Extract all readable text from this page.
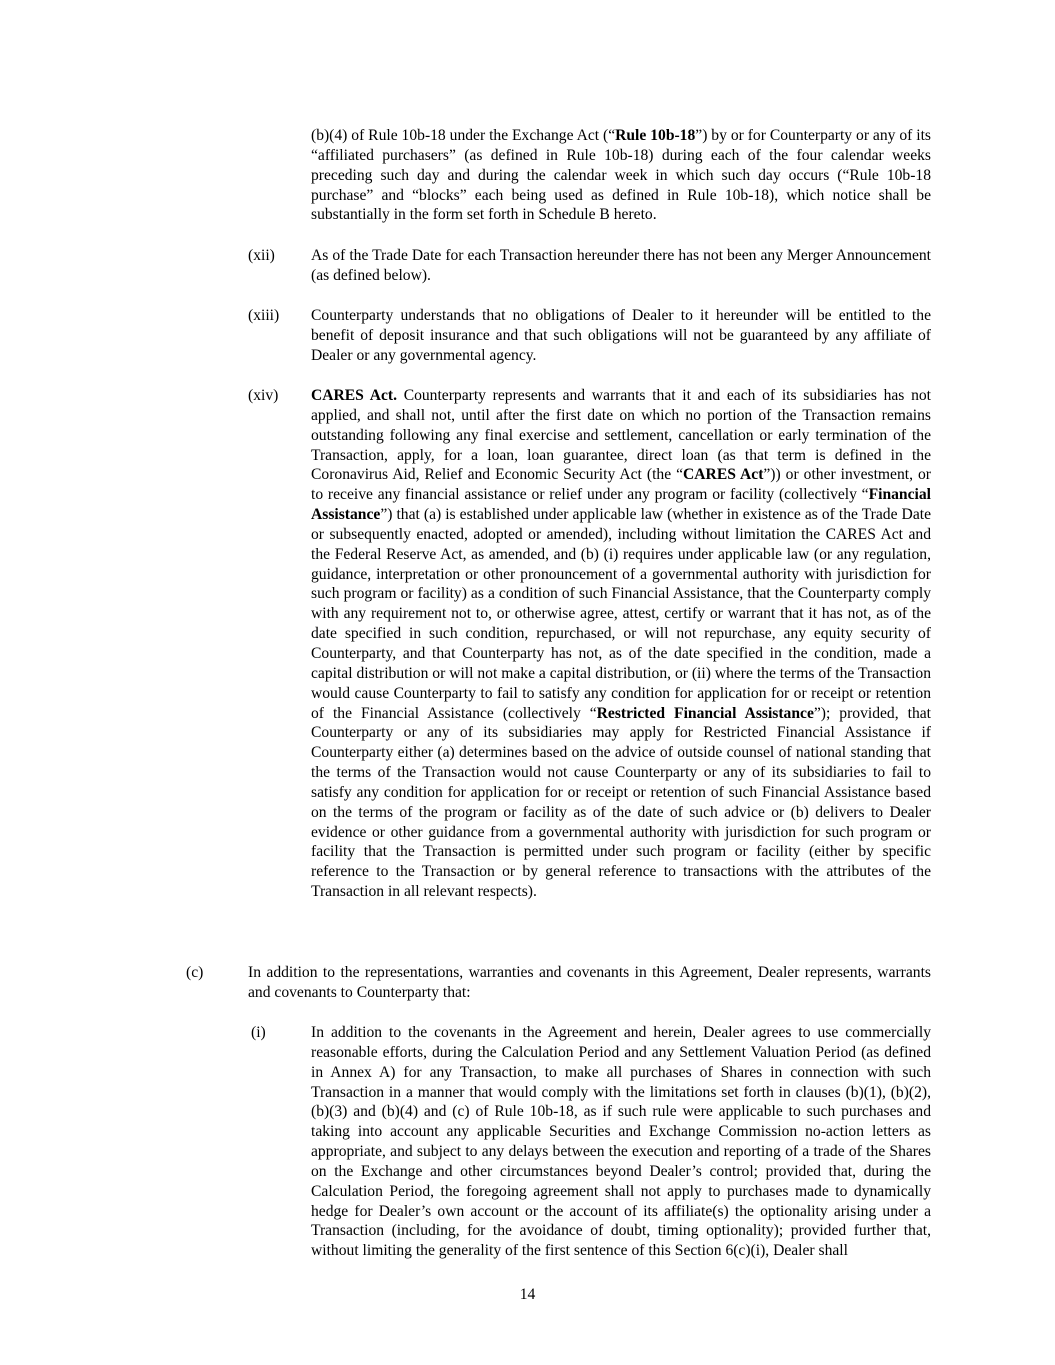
(b)(4) of Rule 10b-18 under the Exchange Act (“Rule 10b-18”) by or for Counterparty or any of its “affiliated purchasers” (as defined in Rule 10b-18) during each of the four calendar weeks preceding such day and during the calendar week in which such day occurs (“Rule 10b-18 purchase” and “blocks” each being used as defined in Rule 10b-18), which notice shall be substantially in the form set forth in Schedule B hereto.
(xii) As of the Trade Date for each Transaction hereunder there has not been any Merger Announcement (as defined below).
(xiii) Counterparty understands that no obligations of Dealer to it hereunder will be entitled to the benefit of deposit insurance and that such obligations will not be guaranteed by any affiliate of Dealer or any governmental agency.
(xiv) CARES Act. Counterparty represents and warrants that it and each of its subsidiaries has not applied, and shall not, until after the first date on which no portion of the Transaction remains outstanding following any final exercise and settlement, cancellation or early termination of the Transaction, apply, for a loan, loan guarantee, direct loan (as that term is defined in the Coronavirus Aid, Relief and Economic Security Act (the “CARES Act”)) or other investment, or to receive any financial assistance or relief under any program or facility (collectively “Financial Assistance”) that (a) is established under applicable law (whether in existence as of the Trade Date or subsequently enacted, adopted or amended), including without limitation the CARES Act and the Federal Reserve Act, as amended, and (b) (i) requires under applicable law (or any regulation, guidance, interpretation or other pronouncement of a governmental authority with jurisdiction for such program or facility) as a condition of such Financial Assistance, that the Counterparty comply with any requirement not to, or otherwise agree, attest, certify or warrant that it has not, as of the date specified in such condition, repurchased, or will not repurchase, any equity security of Counterparty, and that Counterparty has not, as of the date specified in the condition, made a capital distribution or will not make a capital distribution, or (ii) where the terms of the Transaction would cause Counterparty to fail to satisfy any condition for application for or receipt or retention of the Financial Assistance (collectively “Restricted Financial Assistance”); provided, that Counterparty or any of its subsidiaries may apply for Restricted Financial Assistance if Counterparty either (a) determines based on the advice of outside counsel of national standing that the terms of the Transaction would not cause Counterparty or any of its subsidiaries to fail to satisfy any condition for application for or receipt or retention of such Financial Assistance based on the terms of the program or facility as of the date of such advice or (b) delivers to Dealer evidence or other guidance from a governmental authority with jurisdiction for such program or facility that the Transaction is permitted under such program or facility (either by specific reference to the Transaction or by general reference to transactions with the attributes of the Transaction in all relevant respects).
(c)	In addition to the representations, warranties and covenants in this Agreement, Dealer represents, warrants and covenants to Counterparty that:
(i)	In addition to the covenants in the Agreement and herein, Dealer agrees to use commercially reasonable efforts, during the Calculation Period and any Settlement Valuation Period (as defined in Annex A) for any Transaction, to make all purchases of Shares in connection with such Transaction in a manner that would comply with the limitations set forth in clauses (b)(1), (b)(2), (b)(3) and (b)(4) and (c) of Rule 10b-18, as if such rule were applicable to such purchases and taking into account any applicable Securities and Exchange Commission no-action letters as appropriate, and subject to any delays between the execution and reporting of a trade of the Shares on the Exchange and other circumstances beyond Dealer’s control; provided that, during the Calculation Period, the foregoing agreement shall not apply to purchases made to dynamically hedge for Dealer’s own account or the account of its affiliate(s) the optionality arising under a Transaction (including, for the avoidance of doubt, timing optionality); provided further that, without limiting the generality of the first sentence of this Section 6(c)(i), Dealer shall
14
